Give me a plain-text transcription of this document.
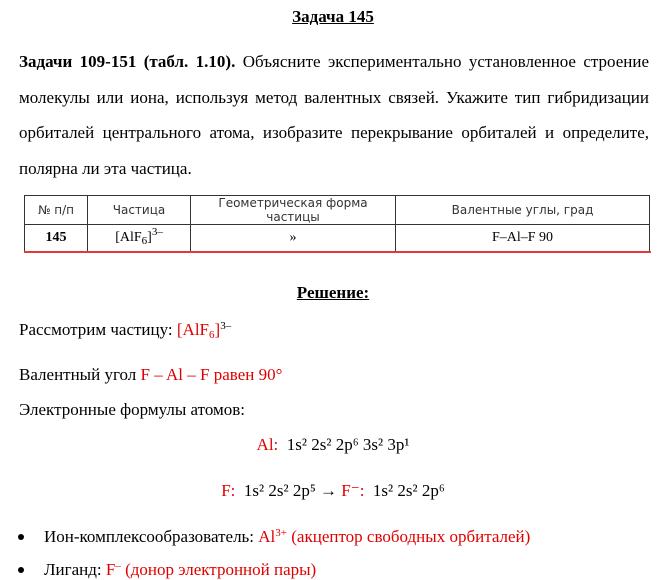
Задача 145

Задачи 109-151 (табл. 1.10). Объясните экспериментально установленное строение молекулы или иона, используя метод валентных связей. Укажите тип гибридизации орбиталей центрального атома, изобразите перекрывание орбиталей и определите, полярна ли эта частица.

№ п/п	Частица	Геометрическая форма частицы	Валентные углы, град
145	$[AlF_6]^{3-}$	»	F–Al–F 90
Решение:
Рассмотрим частицу: $[AlF_6]^{3-}$
Валентный угол F – Al – F равен 90°
Электронные формулы атомов:
Al: 1s² 2s² 2p⁶ 3s² 3p¹
F: 1s² 2s² 2p⁵ → F⁻: 1s² 2s² 2p⁶
Ион-комплексообразователь: $Al^{3+}$ (акцептор свободных орбиталей)
Лиганд: F– (донор электронной пары)
